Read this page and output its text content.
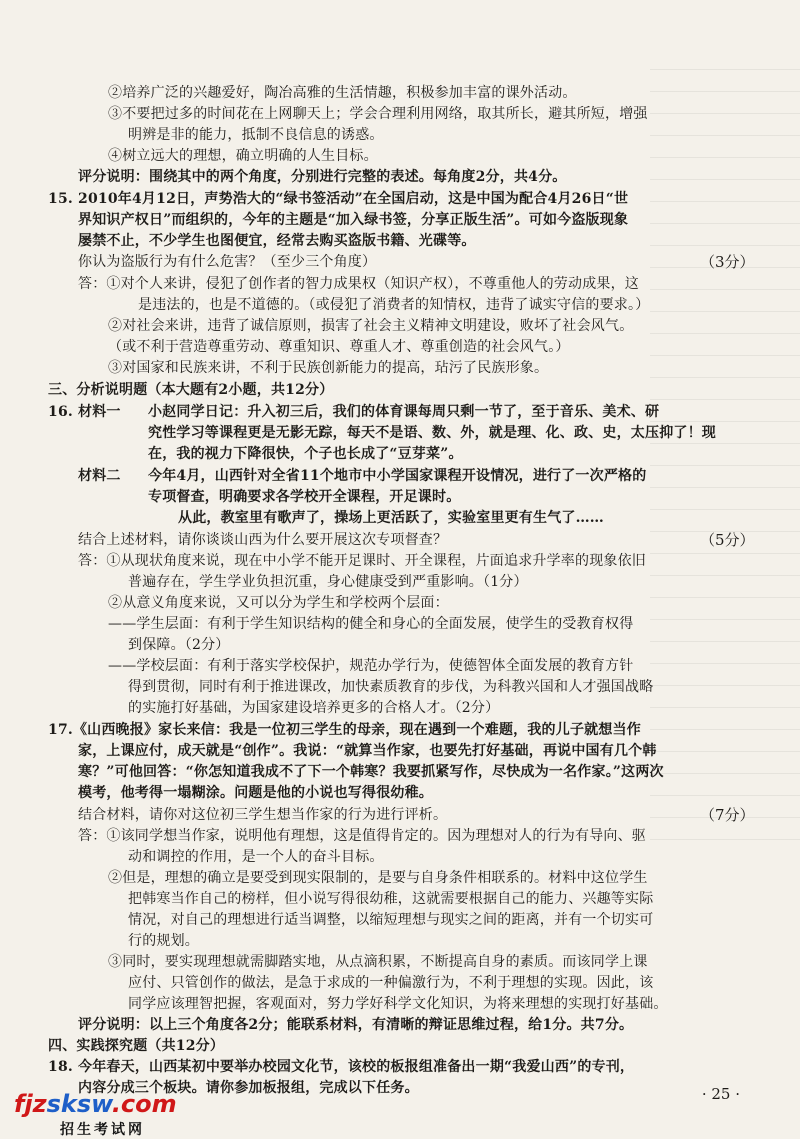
②培养广泛的兴趣爱好，陶冶高雅的生活情趣，积极参加丰富的课外活动。
③不要把过多的时间花在上网聊天上；学会合理利用网络，取其所长，避其所短，增强
明辨是非的能力，抵制不良信息的诱惑。
④树立远大的理想，确立明确的人生目标。
评分说明：围绕其中的两个角度，分别进行完整的表述。每角度2分，共4分。
15. 2010年4月12日，声势浩大的“绿书签活动”在全国启动，这是中国为配合4月26日“世
界知识产权日”而组织的，今年的主题是“加入绿书签，分享正版生活”。可如今盗版现象
屡禁不止，不少学生也图便宜，经常去购买盗版书籍、光碟等。
你认为盗版行为有什么危害？（至少三个角度）	（3分）
答：①对个人来讲，侵犯了创作者的智力成果权（知识产权），不尊重他人的劳动成果，这
是违法的，也是不道德的。（或侵犯了消费者的知情权，违背了诚实守信的要求。）
②对社会来讲，违背了诚信原则，损害了社会主义精神文明建设，败坏了社会风气。
（或不利于营造尊重劳动、尊重知识、尊重人才、尊重创造的社会风气。）
③对国家和民族来讲，不利于民族创新能力的提高，玷污了民族形象。
三、分析说明题（本大题有2小题，共12分）
16. 材料一 小赵同学日记：升入初三后，我们的体育课每周只剩一节了，至于音乐、美术、研
究性学习等课程更是无影无踪，每天不是语、数、外，就是理、化、政、史，太压抑了！现
在，我的视力下降很快，个子也长成了“豆芽菜”。
材料二 今年4月，山西针对全省11个地市中小学国家课程开设情况，进行了一次严格的
专项督查，明确要求各学校开全课程，开足课时。
从此，教室里有歌声了，操场上更活跃了，实验室里更有生气了……
结合上述材料，请你谈谈山西为什么要开展这次专项督查？	（5分）
答：①从现状角度来说，现在中小学不能开足课时、开全课程，片面追求升学率的现象依旧
普遍存在，学生学业负担沉重，身心健康受到严重影响。（1分）
②从意义角度来说，又可以分为学生和学校两个层面：
——学生层面：有利于学生知识结构的健全和身心的全面发展，使学生的受教育权得
到保障。（2分）
——学校层面：有利于落实学校保护，规范办学行为，使德智体全面发展的教育方针
得到贯彻，同时有利于推进课改，加快素质教育的步伐，为科教兴国和人才强国战略
的实施打好基础，为国家建设培养更多的合格人才。（2分）
17.《山西晚报》家长来信：我是一位初三学生的母亲，现在遇到一个难题，我的儿子就想当作
家，上课应付，成天就是“创作”。我说：“就算当作家，也要先打好基础，再说中国有几个韩
寒？”可他回答：“你怎知道我成不了下一个韩寒？我要抓紧写作，尽快成为一名作家。”这两次
模考，他考得一塌糊涂。问题是他的小说也写得很幼稚。
结合材料，请你对这位初三学生想当作家的行为进行评析。	（7分）
答：①该同学想当作家，说明他有理想，这是值得肯定的。因为理想对人的行为有导向、驱
动和调控的作用，是一个人的奋斗目标。
②但是，理想的确立是要受到现实限制的，是要与自身条件相联系的。材料中这位学生
把韩寒当作自己的榜样，但小说写得很幼稚，这就需要根据自己的能力、兴趣等实际
情况，对自己的理想进行适当调整，以缩短理想与现实之间的距离，并有一个切实可
行的规划。
③同时，要实现理想就需脚踏实地，从点滴积累，不断提高自身的素质。而该同学上课
应付、只管创作的做法，是急于求成的一种偏激行为，不利于理想的实现。因此，该
同学应该理智把握，客观面对，努力学好科学文化知识，为将来理想的实现打好基础。
评分说明：以上三个角度各2分；能联系材料，有清晰的辩证思维过程，给1分。共7分。
四、实践探究题（共12分）
18. 今年春天，山西某初中要举办校园文化节，该校的板报组准备出一期“我爱山西”的专刊，
内容分成三个板块。请你参加板报组，完成以下任务。	· 25 ·
fjzsksw.com
招生考试网
